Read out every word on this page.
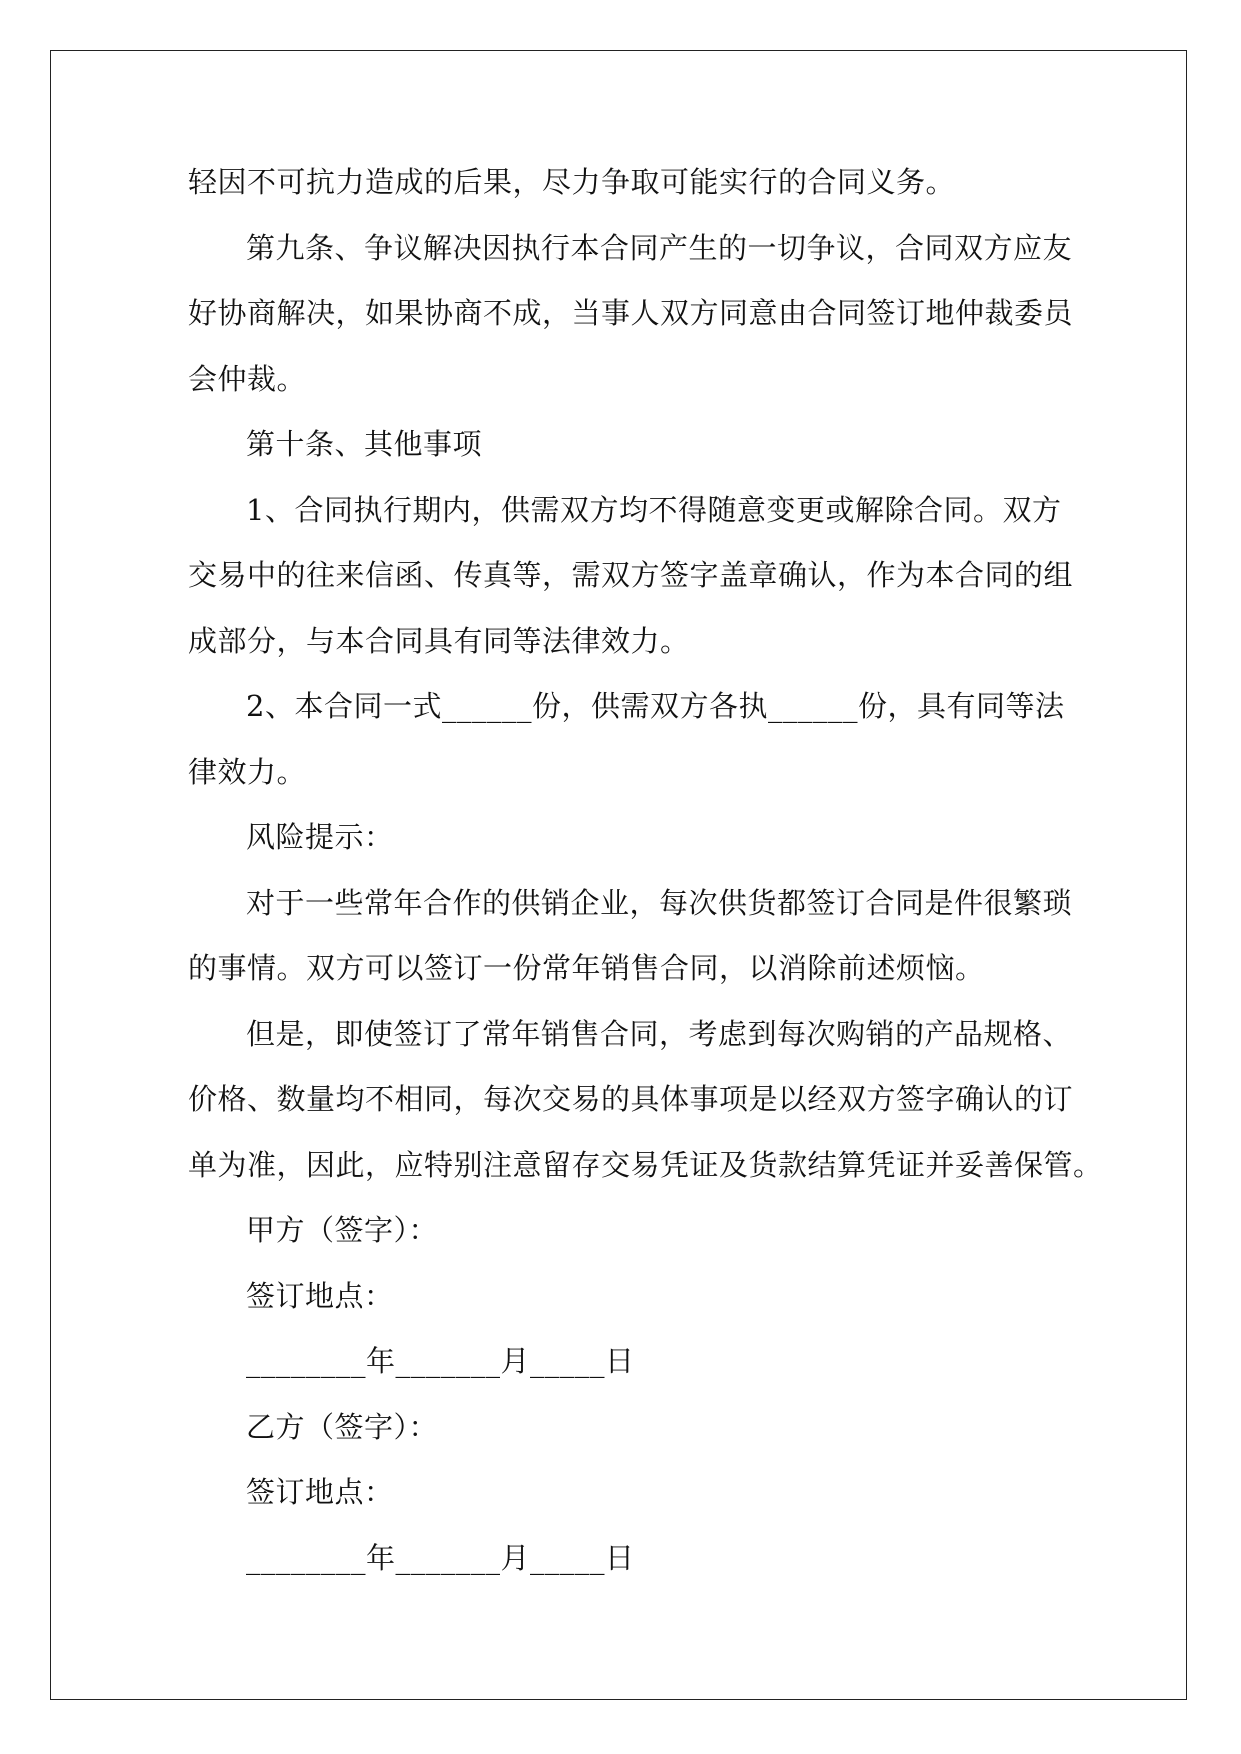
轻因不可抗力造成的后果，尽力争取可能实行的合同义务。
第九条、争议解决因执行本合同产生的一切争议，合同双方应友
好协商解决，如果协商不成，当事人双方同意由合同签订地仲裁委员
会仲裁。
第十条、其他事项
1、合同执行期内，供需双方均不得随意变更或解除合同。双方
交易中的往来信函、传真等，需双方签字盖章确认，作为本合同的组
成部分，与本合同具有同等法律效力。
2、本合同一式______份，供需双方各执______份，具有同等法
律效力。
风险提示：
对于一些常年合作的供销企业，每次供货都签订合同是件很繁琐
的事情。双方可以签订一份常年销售合同，以消除前述烦恼。
但是，即使签订了常年销售合同，考虑到每次购销的产品规格、
价格、数量均不相同，每次交易的具体事项是以经双方签字确认的订
单为准，因此，应特别注意留存交易凭证及货款结算凭证并妥善保管。
甲方（签字）：
签订地点：
________年_______月_____日
乙方（签字）：
签订地点：
________年_______月_____日
